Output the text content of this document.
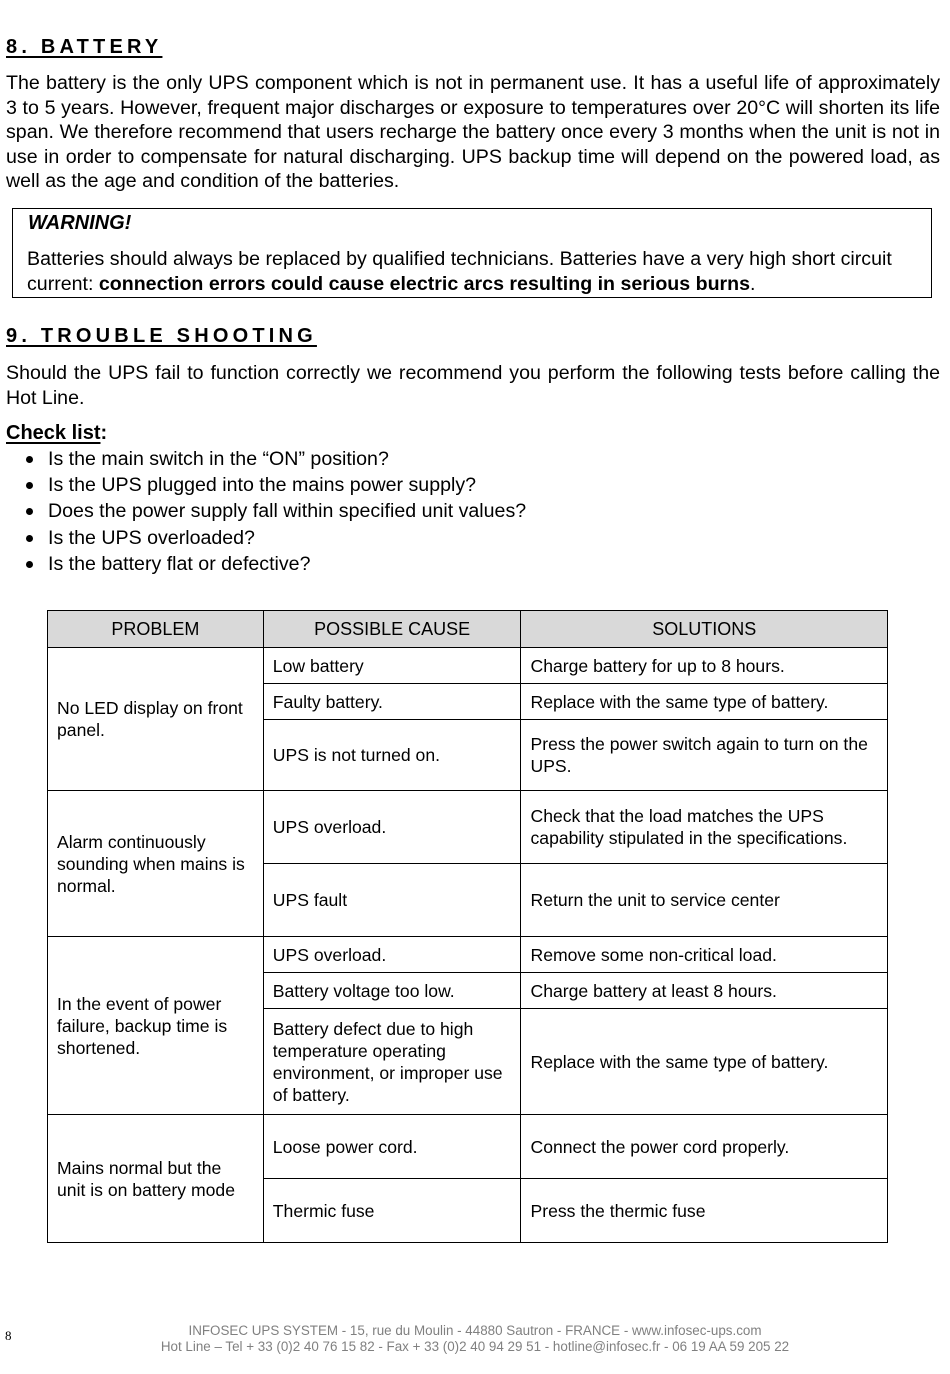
8. BATTERY

The battery is the only UPS component which is not in permanent use. It has a useful life of approximately 3 to 5 years. However, frequent major discharges or exposure to temperatures over 20°C will shorten its life span. We therefore recommend that users recharge the battery once every 3 months when the unit is not in use in order to compensate for natural discharging. UPS backup time will depend on the powered load, as well as the age and condition of the batteries.

WARNING!

Batteries should always be replaced by qualified technicians. Batteries have a very high short circuit current: connection errors could cause electric arcs resulting in serious burns.

9. TROUBLE SHOOTING

Should the UPS fail to function correctly we recommend you perform the following tests before calling the Hot Line.

Check list:
Is the main switch in the “ON” position?
Is the UPS plugged into the mains power supply?
Does the power supply fall within specified unit values?
Is the UPS overloaded?
Is the battery flat or defective?
PROBLEM	POSSIBLE CAUSE	SOLUTIONS
No LED display on front panel.	Low battery	Charge battery for up to 8 hours.
	Faulty battery.	Replace with the same type of battery.
	UPS is not turned on.	Press the power switch again to turn on the UPS.
Alarm continuously sounding when mains is normal.	UPS overload.	Check that the load matches the UPS capability stipulated in the specifications.
	UPS fault	Return the unit to service center
In the event of power failure, backup time is shortened.	UPS overload.	Remove some non-critical load.
	Battery voltage too low.	Charge battery at least 8 hours.
	Battery defect due to high temperature operating environment, or improper use of battery.	Replace with the same type of battery.
Mains normal but the unit is on battery mode	Loose power cord.	Connect the power cord properly.
	Thermic fuse	Press the thermic fuse
8	INFOSEC UPS SYSTEM - 15, rue du Moulin - 44880 Sautron - FRANCE - www.infosec-ups.com
Hot Line – Tel + 33 (0)2 40 76 15 82 - Fax + 33 (0)2 40 94 29 51 - hotline@infosec.fr - 06 19 AA 59 205 22
